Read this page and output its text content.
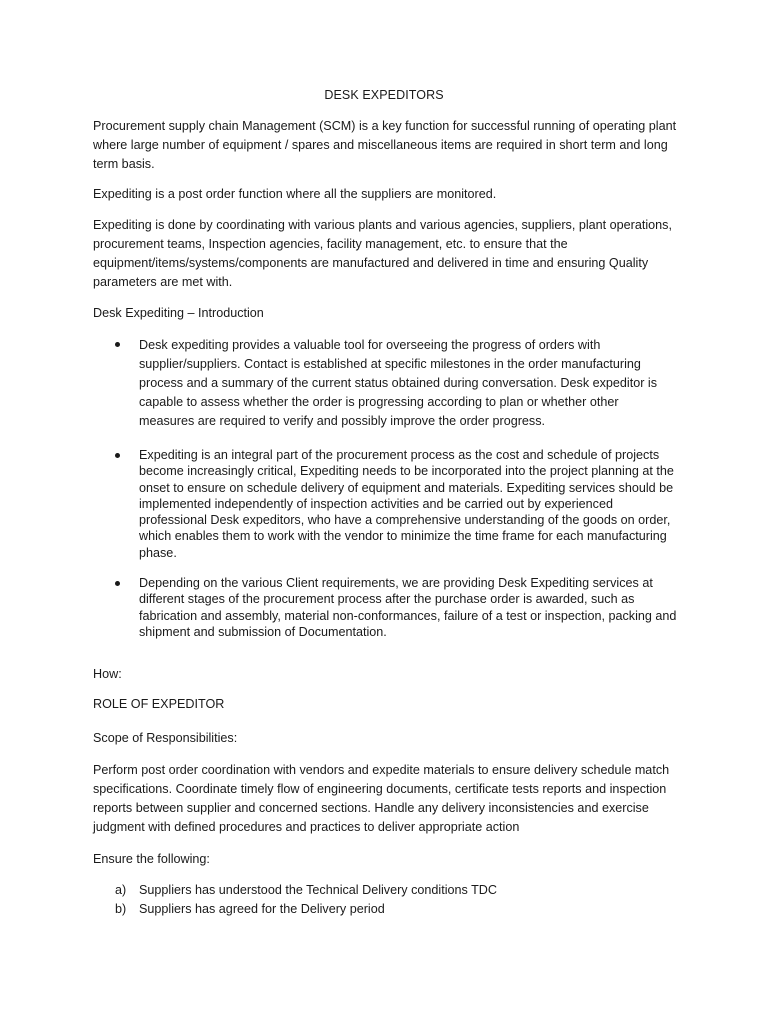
DESK EXPEDITORS

Procurement supply chain Management (SCM) is a key function for successful running of operating plant where large number of equipment / spares and miscellaneous items are required in short term and long term basis.

Expediting is a post order function where all the suppliers are monitored.

Expediting is done by coordinating with various plants and various agencies, suppliers, plant operations, procurement teams, Inspection agencies, facility management, etc. to ensure that the equipment/items/systems/components are manufactured and delivered in time and ensuring Quality parameters are met with.

Desk Expediting – Introduction

Desk expediting provides a valuable tool for overseeing the progress of orders with supplier/suppliers. Contact is established at specific milestones in the order manufacturing process and a summary of the current status obtained during conversation. Desk expeditor is capable to assess whether the order is progressing according to plan or whether other measures are required to verify and possibly improve the order progress.

Expediting is an integral part of the procurement process as the cost and schedule of projects become increasingly critical, Expediting needs to be incorporated into the project planning at the onset to ensure on schedule delivery of equipment and materials. Expediting services should be implemented independently of inspection activities and be carried out by experienced professional Desk expeditors, who have a comprehensive understanding of the goods on order, which enables them to work with the vendor to minimize the time frame for each manufacturing phase.

Depending on the various Client requirements, we are providing Desk Expediting services at different stages of the procurement process after the purchase order is awarded, such as fabrication and assembly, material non-conformances, failure of a test or inspection, packing and shipment and submission of Documentation.

How:

ROLE OF EXPEDITOR

Scope of Responsibilities:

Perform post order coordination with vendors and expedite materials to ensure delivery schedule match specifications. Coordinate timely flow of engineering documents, certificate tests reports and inspection reports between supplier and concerned sections. Handle any delivery inconsistencies and exercise judgment with defined procedures and practices to deliver appropriate action

Ensure the following:

a) Suppliers has understood the Technical Delivery conditions TDC
b) Suppliers has agreed for the Delivery period
